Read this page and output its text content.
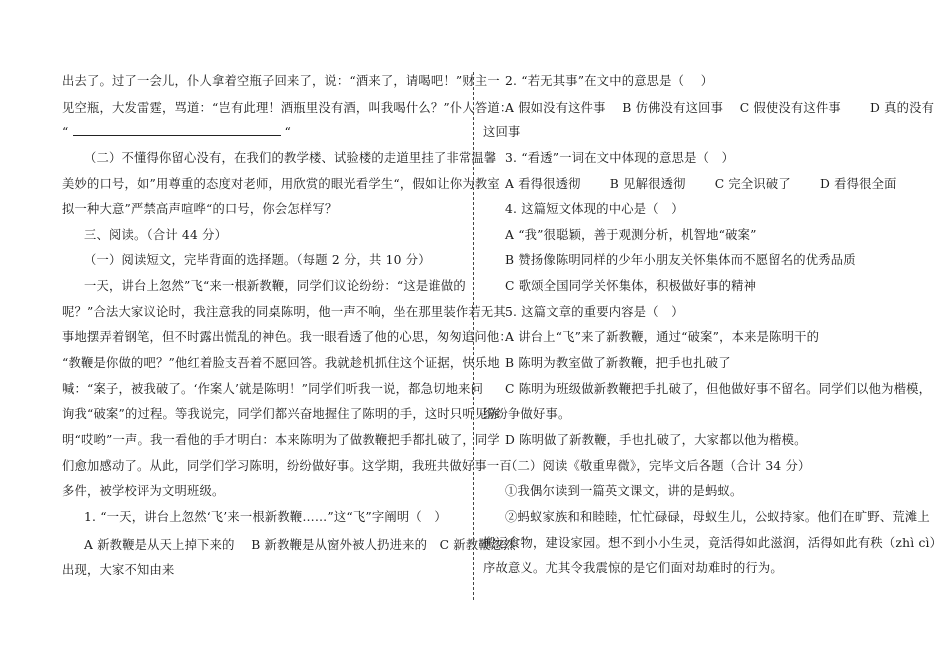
出去了。过了一会儿，仆人拿着空瓶子回来了，说：“酒来了，请喝吧！”财主一
见空瓶，大发雷霆，骂道：“岂有此理！酒瓶里没有酒，叫我喝什么？”仆人答道：
“	“
（二）不懂得你留心没有，在我们的教学楼、试验楼的走道里挂了非常温馨
美妙的口号，如”用尊重的态度对老师，用欣赏的眼光看学生“，假如让你为教室
拟一种大意”严禁高声喧哗“的口号，你会怎样写？
三、阅读。（合计 44 分）
（一）阅读短文，完毕背面的选择题。（每题 2 分，共 10 分）
一天，讲台上忽然”飞“来一根新教鞭，同学们议论纷纷：“这是谁做的
呢？”合法大家议论时，我注意我的同桌陈明，他一声不响，坐在那里装作若无其
事地摆弄着钢笔，但不时露出慌乱的神色。我一眼看透了他的心思，匆匆追问他：
“教鞭是你做的吧？”他红着脸支吾着不愿回答。我就趁机抓住这个证据，快乐地
喊：“案子，被我破了。‘作案人’就是陈明！”同学们听我一说，都急切地来问
询我“破案”的过程。等我说完，同学们都兴奋地握住了陈明的手，这时只听见陈
明“哎哟”一声。我一看他的手才明白：本来陈明为了做教鞭把手都扎破了，同学
们愈加感动了。从此，同学们学习陈明，纷纷做好事。这学期，我班共做好事一百
多件，被学校评为文明班级。
1. “一天，讲台上忽然‘飞’来一根新教鞭……”这“飞”字阐明（　）
A 新教鞭是从天上掉下来的　 B 新教鞭是从窗外被人扔进来的　C 新教鞭忽然
出现，大家不知由来
2. “若无其事”在文中的意思是（　 ）
A 假如没有这件事　 B 仿佛没有这回事　 C 假使没有这件事　　 D 真的没有
这回事
3. “看透”一词在文中体现的意思是（　）
A 看得很透彻　　 B 见解很透彻　　 C 完全识破了　　 D 看得很全面
4. 这篇短文体现的中心是（　）
A “我”很聪颖，善于观测分析，机智地“破案”
B 赞扬像陈明同样的少年小朋友关怀集体而不愿留名的优秀品质
C 歌颂全国同学关怀集体，积极做好事的精神
5. 这篇文章的重要内容是（　）
A 讲台上“飞”来了新教鞭，通过“破案”，本来是陈明干的
B 陈明为教室做了新教鞭，把手也扎破了
C 陈明为班级做新教鞭把手扎破了，但他做好事不留名。同学们以他为楷模，
纷纷争做好事。
D 陈明做了新教鞭，手也扎破了，大家都以他为楷模。
（二）阅读《敬重卑微》，完毕文后各题（合计 34 分）
①我偶尔读到一篇英文课文，讲的是蚂蚁。
②蚂蚁家族和和睦睦，忙忙碌碌，母蚁生儿，公蚁持家。他们在旷野、荒滩上
搬运食物，建设家园。想不到小小生灵，竟活得如此滋润，活得如此有秩（zhì cì）
序故意义。尤其令我震惊的是它们面对劫难时的行为。
